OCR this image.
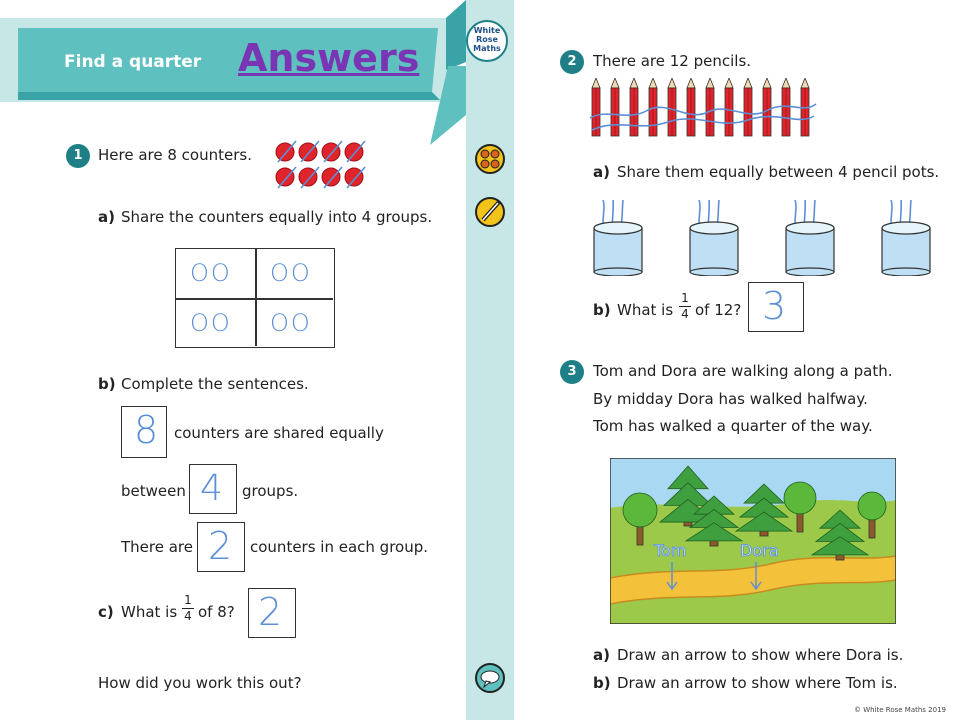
Find a quarter Answers
White
Rose
Maths
1	Here are 8 counters.
a) Share the counters equally into 4 groups.
OO OO
OO OO
b) Complete the sentences.
8 counters are shared equally
between 4 groups.
There are 2 counters in each group.
c) What is
1
4 of 8? 2
How did you work this out?
2	There are 12 pencils.
a) Share them equally between 4 pencil pots.
b) What is
1
4 of 12? 3
3	Tom and Dora are walking along a path.
By midday Dora has walked halfway.
Tom has walked a quarter of the way.
Tom	Dora
a) Draw an arrow to show where Dora is.
b) Draw an arrow to show where Tom is.
© White Rose Maths 2019
